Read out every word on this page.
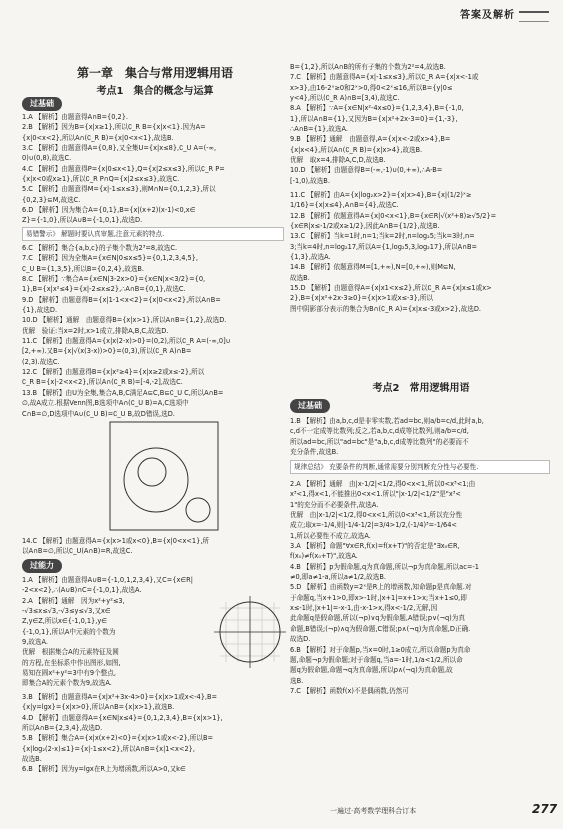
答案及解析
第一章　集合与常用逻辑用语
考点1　集合的概念与运算
过基础

1.A 【解析】由题意得A∩B={0,2}.

2.B 【解析】因为B={x|x≥1},所以∁_R B={x|x<1}.因为A=

{x|0<x<2},所以A∩(∁_R B)={x|0<x<1},故选B.

3.C 【解析】由题意得A={0,8},又全集U={x|x≤8},∁_U A=(-∞,

0)∪(0,8),故选C.

4.C 【解析】由题意得P={x|0≤x<1},Q={x|2≤x≤3},所以∁_R P=

{x|x<0或x≥1},所以∁_R P∩Q={x|2≤x≤3},故选C.

5.C 【解析】由题意得M={x|-1≤x≤3},则M∩N={0,1,2,3},所以

{0,2,3}⊆M,故选C.

6.D 【解析】因为集合A={0,1},B={x|(x+2)(x-1)<0,x∈

Z}={-1,0},所以A∪B={-1,0,1},故选D.

易错警示》 解题时要认真审题,注意元素的特点.

6.C 【解析】集合{a,b,c}的子集个数为2³=8,故选C.

7.C 【解析】因为全集A={x∈N|0≤x≤5}={0,1,2,3,4,5},

∁_U B={1,3,5},所以B={0,2,4},故选B.

8.C 【解析】∵集合A={x∈N|3-2x>0}={x∈N|x<3/2}={0,

1},B={x|x²≤4}={x|-2≤x≤2},∴A∩B={0,1},故选C.

9.D 【解析】由题意得B={x|1-1<x<2}={x|0<x<2},所以A∩B=

{1},故选D.

10.D 【解析】通解　由题意得B={x|x>1},所以A∩B={1,2},故选D.

优解　验证:当x=2时,x>1成立,排除A,B,C,故选D.

11.C 【解析】由题意得A={x|x(2-x)>0}=(0,2),所以∁_R A=(-∞,0]∪

[2,+∞).又B={x|√(x(3-x))>0}=(0,3),所以(∁_R A)∩B=

(2,3).故选C.

12.C 【解析】由题意得B={x|x²≥4}={x|x≥2或x≤-2},所以

∁_R B={x|-2<x<2},所以A∩(∁_R B)=[-4,-2],故选C.

13.B 【解析】由U为全集,集合A,B,C满足A⊆C,B⊆∁_U C,所以A∩B=

∅,故A成立.根据Venn图,B选项中A∩(∁_U B)=A,C选项中

C∩B=∅,D选项中A∪(∁_U B)=∁_U B,故D错误,选D.

14.C 【解析】由题意得A={x|x>1或x<0},B={x|0<x<1},所

以A∩B=∅,所以∁_U(A∩B)=R,故选C.

过能力

1.A 【解析】由题意得A∪B={-1,0,1,2,3,4},又C={x∈R|

-2<x<2},∴(A∪B)∩C={-1,0,1},故选A.

2.A 【解析】通解　因为x²+y²≤3,

-√3≤x≤√3,-√3≤y≤√3,又x∈

Z,y∈Z,所以x∈{-1,0,1},y∈

{-1,0,1},所以A中元素的个数为

9,故选A.

优解　根据集合A的元素特征及圆

的方程,在坐标系中作出图形,如图,

易知在圆x²+y²=3中有9个整点,

即集合A的元素个数为9,故选A.

3.B 【解析】由题意得A={x|x²+3x-4>0}={x|x>1或x<-4},B=

{x|y=lgx}={x|x>0},所以A∩B={x|x>1},故选B.

4.D 【解析】由题意得A={x∈N|x≤4}={0,1,2,3,4},B={x|x>1},

所以A∩B={2,3,4},故选D.

5.B 【解析】集合A={x|x(x+2)<0}={x|x>1或x<-2},所以B=

{x|log₂(2-x)≤1}={x|-1≤x<2},所以A∩B={x|1<x<2},

故选B.

6.B 【解析】因为y=lgx在R上为增函数,所以A>0,又k∈

B={1,2},所以A∩B的所有子集的个数为2²=4,故选B.

7.C 【解析】由题意得A={x|-1≤x≤3},所以∁_R A={x|x<-1或

x>3},由16-2ˣ≥0和2ˣ>0,得0<2ˣ≤16,所以B={y|0≤

y<4},所以(∁_R A)∩B=[3,4),故选C.

8.A 【解析】∵A={x∈N|x²-4x≤0}={1,2,3,4},B={-1,0,

1},所以A∩B={1},又因为B={x|x²+2x-3=0}={1,-3},

∴A∩B={1},故选A.

9.B 【解析】通解　由题意得,A={x|x<-2或x>4},B=

{x|x<4},所以A∩(∁_R B)={x|x>4},故选B.

优解　取x=4,排除A,C,D,故选B.

10.D 【解析】由题意得B=(-∞,-1)∪(0,+∞),∴A-B=

[-1,0),故选B.

11.C 【解析】由A={x|log₂x>2}={x|x>4},B={x|(1/2)ˣ≥

1/16}={x|x≤4},A∩B={4},故选C.

12.B 【解析】依题意得A={x|0<x<1},B={x∈R|√(x²+8)≥√5/2}=

{x∈R|x≤-1/2或x≥1/2},因此A∩B={1/2},故选B.

13.C 【解析】当k=1时,n=1;当k=2时,n=log₂5;当k=3时,n=

3;当k=4时,n=log₂17,所以A={1,log₂5,3,log₂17},所以A∩B=

{1,3},故选A.

14.B 【解析】依题意得M=[1,+∞),N=[0,+∞),则M⊆N,

故选B.

15.D 【解析】由题意得A={x|x1<x≤2},所以∁_R A={x|x≤1或x>

2},B={x|x²+2x-3≥0}={x|x>1或x≤-3},所以

图中阴影部分表示的集合为B∩(∁_R A)={x|x≤-3或x>2},故选D.

考点2　常用逻辑用语
过基础

1.B 【解析】由a,b,c,d是非零实数,若ad=bc,则a/b=c/d,此时a,b,

c,d不一定成等比数列;反之,若a,b,c,d成等比数列,则a/b=c/d,

所以ad=bc,所以"ad=bc"是"a,b,c,d成等比数列"的必要而不

充分条件,故选B.

规律总结》 充要条件的判断,通常需要分别判断充分性与必要性.

2.A 【解析】通解　由|x-1/2|<1/2,得0<x<1,所以0<x³<1;由

x³<1,得x<1,不能推出0<x<1.所以"|x-1/2|<1/2"是"x³<

1"的充分而不必要条件,故选A.

优解　由|x-1/2|<1/2,得0<x<1,所以0<x³<1,所以充分性

成立;取x=-1/4,则|-1/4-1/2|=3/4>1/2,(-1/4)³=-1/64<

1,所以必要性不成立,故选A.

3.A 【解析】命题"∀x∈R,f(x)=f(x+T)"的否定是"∃x₀∈R,

f(x₀)≠f(x₀+T)",故选A.

4.B 【解析】p为假命题,q为真命题,所以¬p为真命题,所以ac=-1

≠0,即a≠1-a,所以a≠1/2,故选B.

5.D 【解析】由函数y=2ˣ是R上的增函数,知命题p是真命题.对

于命题q,当x+1>0,即x>-1时,|x+1|=x+1>x;当x+1≤0,即

x≤-1时,|x+1|=-x-1,由-x-1>x,得x<-1/2,无解,因

此命题q是假命题,所以(¬p)∨q为假命题,A错误;p∨(¬q)为真

命题,B错误;(¬p)∧q为假命题,C错误;p∧(¬q)为真命题,D正确.

故选D.

6.B 【解析】对于命题p,当x=0时,1≥0成立,所以命题p为真命

题,命题¬p为假命题;对于命题q,当a=-1时,1/a<1/2,所以命

题q为假命题,命题¬q为真命题,所以p∧(¬q)为真命题,故

选B.

7.C 【解析】函数f(x)不是偶函数,仍然可

一遍过·高考数学理科合订本	277
